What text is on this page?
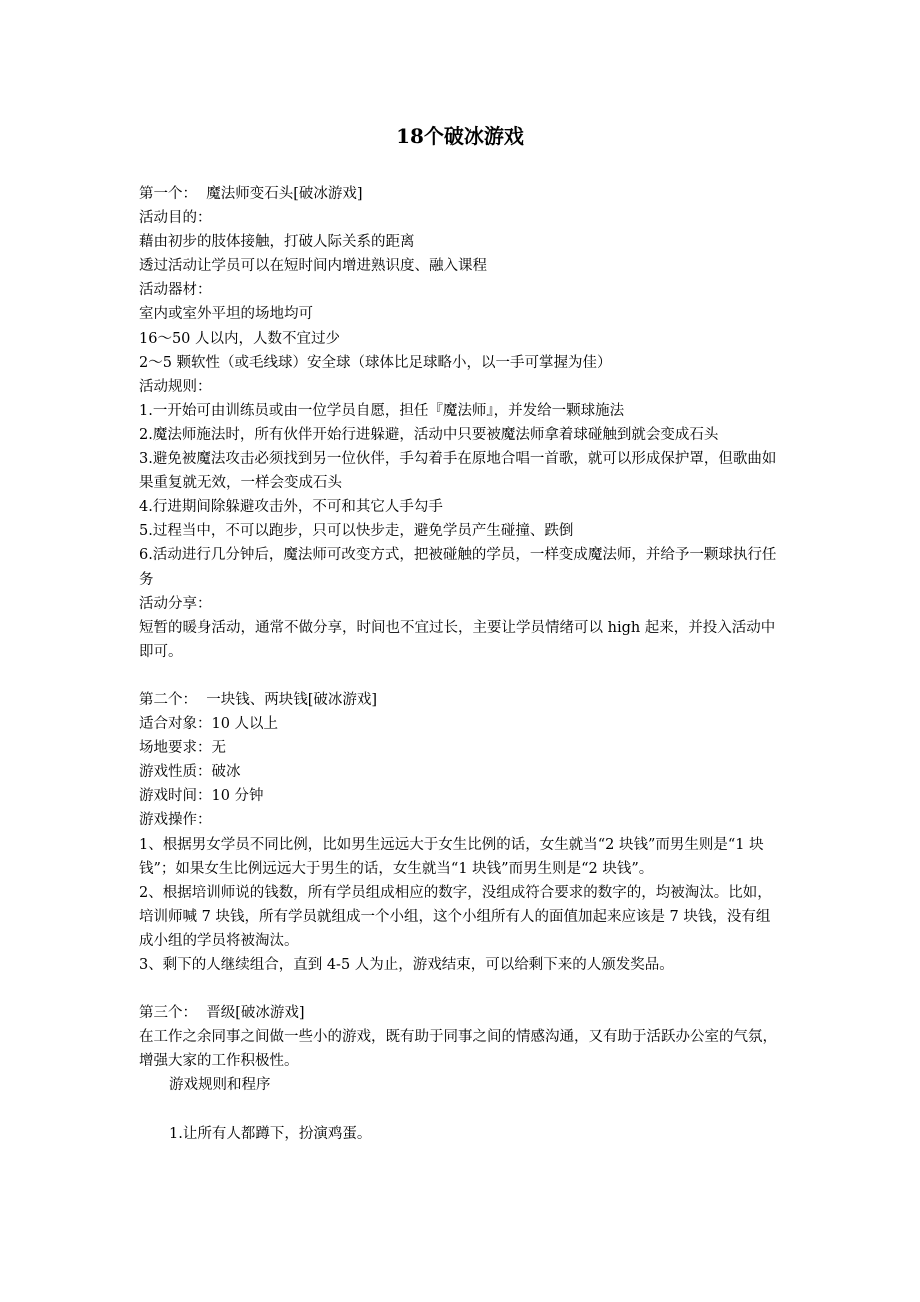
18个破冰游戏

第一个：  魔法师变石头[破冰游戏]

活动目的：

藉由初步的肢体接触，打破人际关系的距离

透过活动让学员可以在短时间内增进熟识度、融入课程

活动器材：

室内或室外平坦的场地均可

16～50 人以内，人数不宜过少

2～5 颗软性（或毛线球）安全球（球体比足球略小，以一手可掌握为佳）

活动规则：

1.一开始可由训练员或由一位学员自愿，担任『魔法师』，并发给一颗球施法

2.魔法师施法时，所有伙伴开始行进躲避，活动中只要被魔法师拿着球碰触到就会变成石头

3.避免被魔法攻击必须找到另一位伙伴，手勾着手在原地合唱一首歌，就可以形成保护罩，但歌曲如果重复就无效，一样会变成石头

4.行进期间除躲避攻击外，不可和其它人手勾手

5.过程当中，不可以跑步，只可以快步走，避免学员产生碰撞、跌倒

6.活动进行几分钟后，魔法师可改变方式，把被碰触的学员，一样变成魔法师，并给予一颗球执行任务

活动分享：

短暂的暖身活动，通常不做分享，时间也不宜过长，主要让学员情绪可以 high 起来，并投入活动中即可。

第二个：  一块钱、两块钱[破冰游戏]

适合对象：10 人以上

场地要求：无

游戏性质：破冰

游戏时间：10 分钟

游戏操作：

1、根据男女学员不同比例，比如男生远远大于女生比例的话，女生就当“2 块钱”而男生则是“1 块钱”；如果女生比例远远大于男生的话，女生就当“1 块钱”而男生则是“2 块钱”。

2、根据培训师说的钱数，所有学员组成相应的数字，没组成符合要求的数字的，均被淘汰。比如，培训师喊 7 块钱，所有学员就组成一个小组，这个小组所有人的面值加起来应该是 7 块钱，没有组成小组的学员将被淘汰。

3、剩下的人继续组合，直到 4-5 人为止，游戏结束，可以给剩下来的人颁发奖品。

第三个：  晋级[破冰游戏]

在工作之余同事之间做一些小的游戏，既有助于同事之间的情感沟通，又有助于活跃办公室的气氛，增强大家的工作积极性。

游戏规则和程序

1.让所有人都蹲下，扮演鸡蛋。
